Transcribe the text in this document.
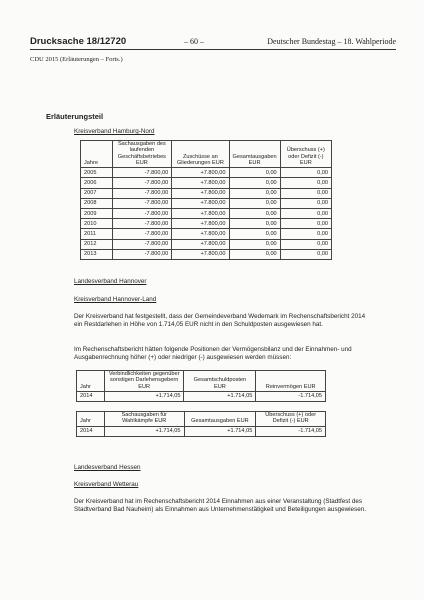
Drucksache 18/12720	– 60 –	Deutscher Bundestag – 18. Wahlperiode
CDU 2015 (Erläuterungen – Forts.)
Erläuterungsteil
Kreisverband Hamburg-Nord
Jahre	Sachausgaben des laufenden Geschäftsbetriebes EUR	Zuschüsse an Gliederungen EUR	Gesamtausgaben EUR	Überschuss (+) oder Defizit (-) EUR
2005	-7.800,00	+7.800,00	0,00	0,00
2006	-7.800,00	+7.800,00	0,00	0,00
2007	-7.800,00	+7.800,00	0,00	0,00
2008	-7.800,00	+7.800,00	0,00	0,00
2009	-7.800,00	+7.800,00	0,00	0,00
2010	-7.800,00	+7.800,00	0,00	0,00
2011	-7.800,00	+7.800,00	0,00	0,00
2012	-7.800,00	+7.800,00	0,00	0,00
2013	-7.800,00	+7.800,00	0,00	0,00
Landesverband Hannover
Kreisverband Hannover-Land
Der Kreisverband hat festgestellt, dass der Gemeindeverband Wedemark im Rechenschaftsbericht 2014 ein Restdarlehen in Höhe von 1.714,05 EUR nicht in den Schuldposten ausgewiesen hat.
Im Rechenschaftsbericht hätten folgende Positionen der Vermögensbilanz und der Einnahmen- und Ausgabenrechnung höher (+) oder niedriger (-) ausgewiesen werden müssen:
Jahr	Verbindlichkeiten gegenüber sonstigen Darlehensgebern EUR	Gesamtschuldposten EUR	Reinvermögen EUR
2014	+1.714,05	+1.714,05	-1.714,05
Jahr	Sachausgaben für Wahlkämpfe EUR	Gesamtausgaben EUR	Überschuss (+) oder Defizit (-) EUR
2014	+1.714,05	+1.714,05	-1.714,05
Landesverband Hessen
Kreisverband Wetterau
Der Kreisverband hat im Rechenschaftsbericht 2014 Einnahmen aus einer Veranstaltung (Stadtfest des Stadtverband Bad Nauheim) als Einnahmen aus Unternehmenstätigkeit und Beteiligungen ausgewiesen.
